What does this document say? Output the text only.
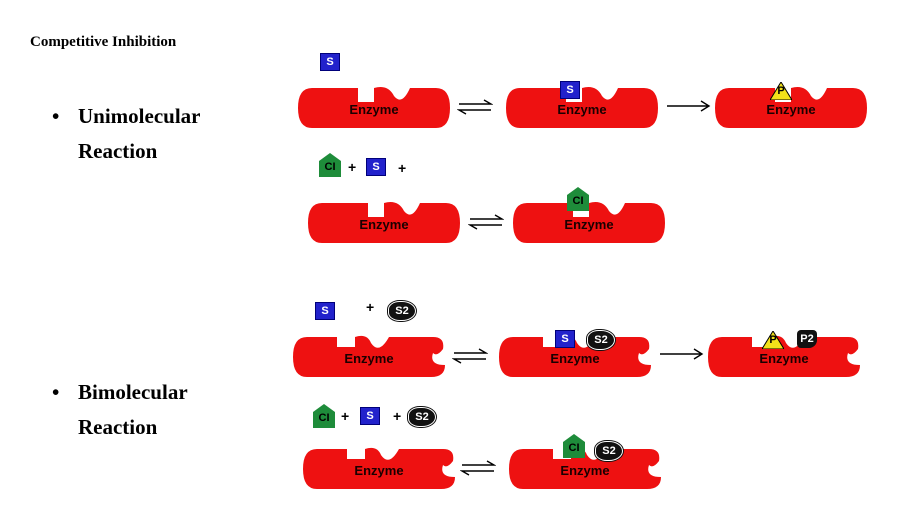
Competitive Inhibition
• Unimolecular
Reaction
• Bimolecular
Reaction
S
Enzyme	Enzyme
S
Enzyme
P
CI +	S	+
Enzyme	Enzyme
CI
S	+	S2
Enzyme	Enzyme
S	S2
Enzyme
P	P2
CI +	S	+	S2
Enzyme	Enzyme
CI	S2
